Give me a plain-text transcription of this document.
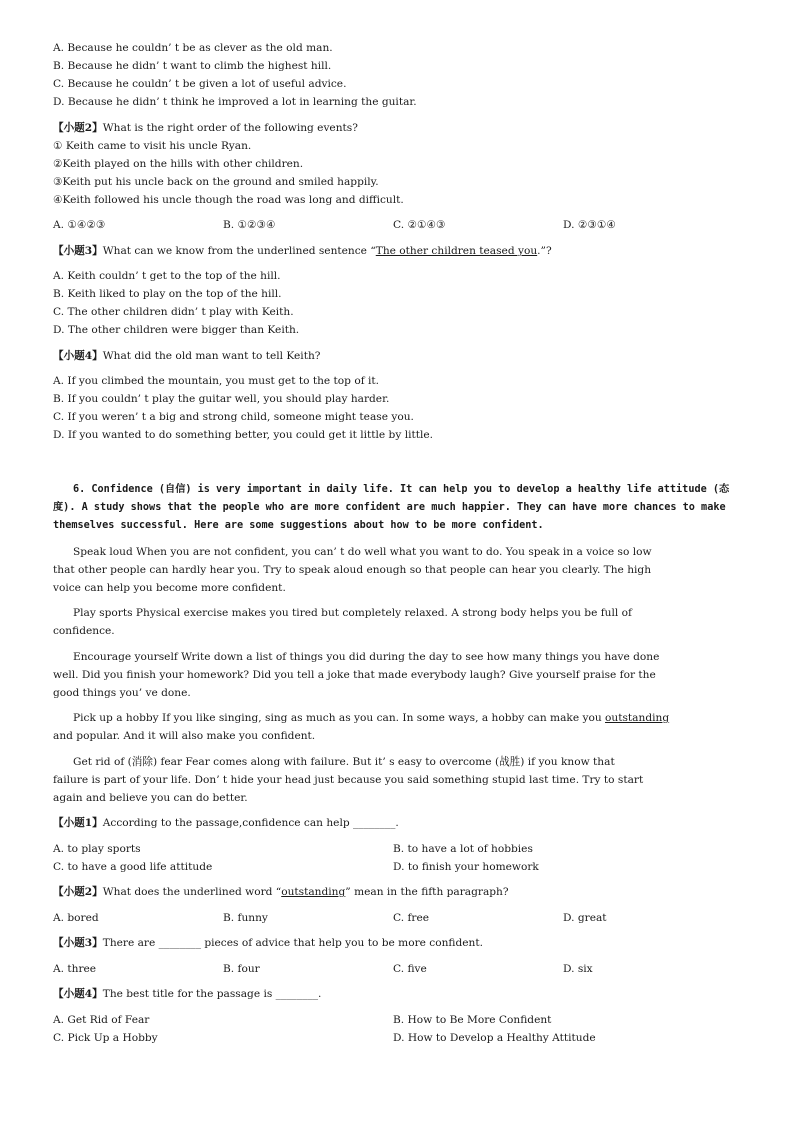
A. Because he couldn’ t be as clever as the old man.
B. Because he didn’ t want to climb the highest hill.
C. Because he couldn’ t be given a lot of useful advice.
D. Because he didn’ t think he improved a lot in learning the guitar.
【小题2】What is the right order of the following events?
① Keith came to visit his uncle Ryan.
②Keith played on the hills with other children.
③Keith put his uncle back on the ground and smiled happily.
④Keith followed his uncle though the road was long and difficult.
A. ①④②③	B. ①②③④	C. ②①④③	D. ②③①④
【小题3】What can we know from the underlined sentence “The other children teased you.”?
A. Keith couldn’ t get to the top of the hill.
B. Keith liked to play on the top of the hill.
C. The other children didn’ t play with Keith.
D. The other children were bigger than Keith.
【小题4】What did the old man want to tell Keith?
A. If you climbed the mountain, you must get to the top of it.
B. If you couldn’ t play the guitar well, you should play harder.
C. If you weren’ t a big and strong child, someone might tease you.
D. If you wanted to do something better, you could get it little by little.
6. Confidence (自信) is very important in daily life. It can help you to develop a healthy life attitude (态
度). A study shows that the people who are more confident are much happier. They can have more chances to make
themselves successful. Here are some suggestions about how to be more confident.
Speak loud When you are not confident, you can’ t do well what you want to do. You speak in a voice so low
that other people can hardly hear you. Try to speak aloud enough so that people can hear you clearly. The high
voice can help you become more confident.
Play sports Physical exercise makes you tired but completely relaxed. A strong body helps you be full of
confidence.
Encourage yourself Write down a list of things you did during the day to see how many things you have done
well. Did you finish your homework? Did you tell a joke that made everybody laugh? Give yourself praise for the
good things you’ ve done.
Pick up a hobby If you like singing, sing as much as you can. In some ways, a hobby can make you outstanding
and popular. And it will also make you confident.
Get rid of (消除) fear Fear comes along with failure. But it’ s easy to overcome (战胜) if you know that
failure is part of your life. Don’ t hide your head just because you said something stupid last time. Try to start
again and believe you can do better.
【小题1】According to the passage,confidence can help ________.
A. to play sports	B. to have a lot of hobbies
C. to have a good life attitude	D. to finish your homework
【小题2】What does the underlined word “outstanding” mean in the fifth paragraph?
A. bored	B. funny	C. free	D. great
【小题3】There are ________ pieces of advice that help you to be more confident.
A. three	B. four	C. five	D. six
【小题4】The best title for the passage is ________.
A. Get Rid of Fear	B. How to Be More Confident
C. Pick Up a Hobby	D. How to Develop a Healthy Attitude
